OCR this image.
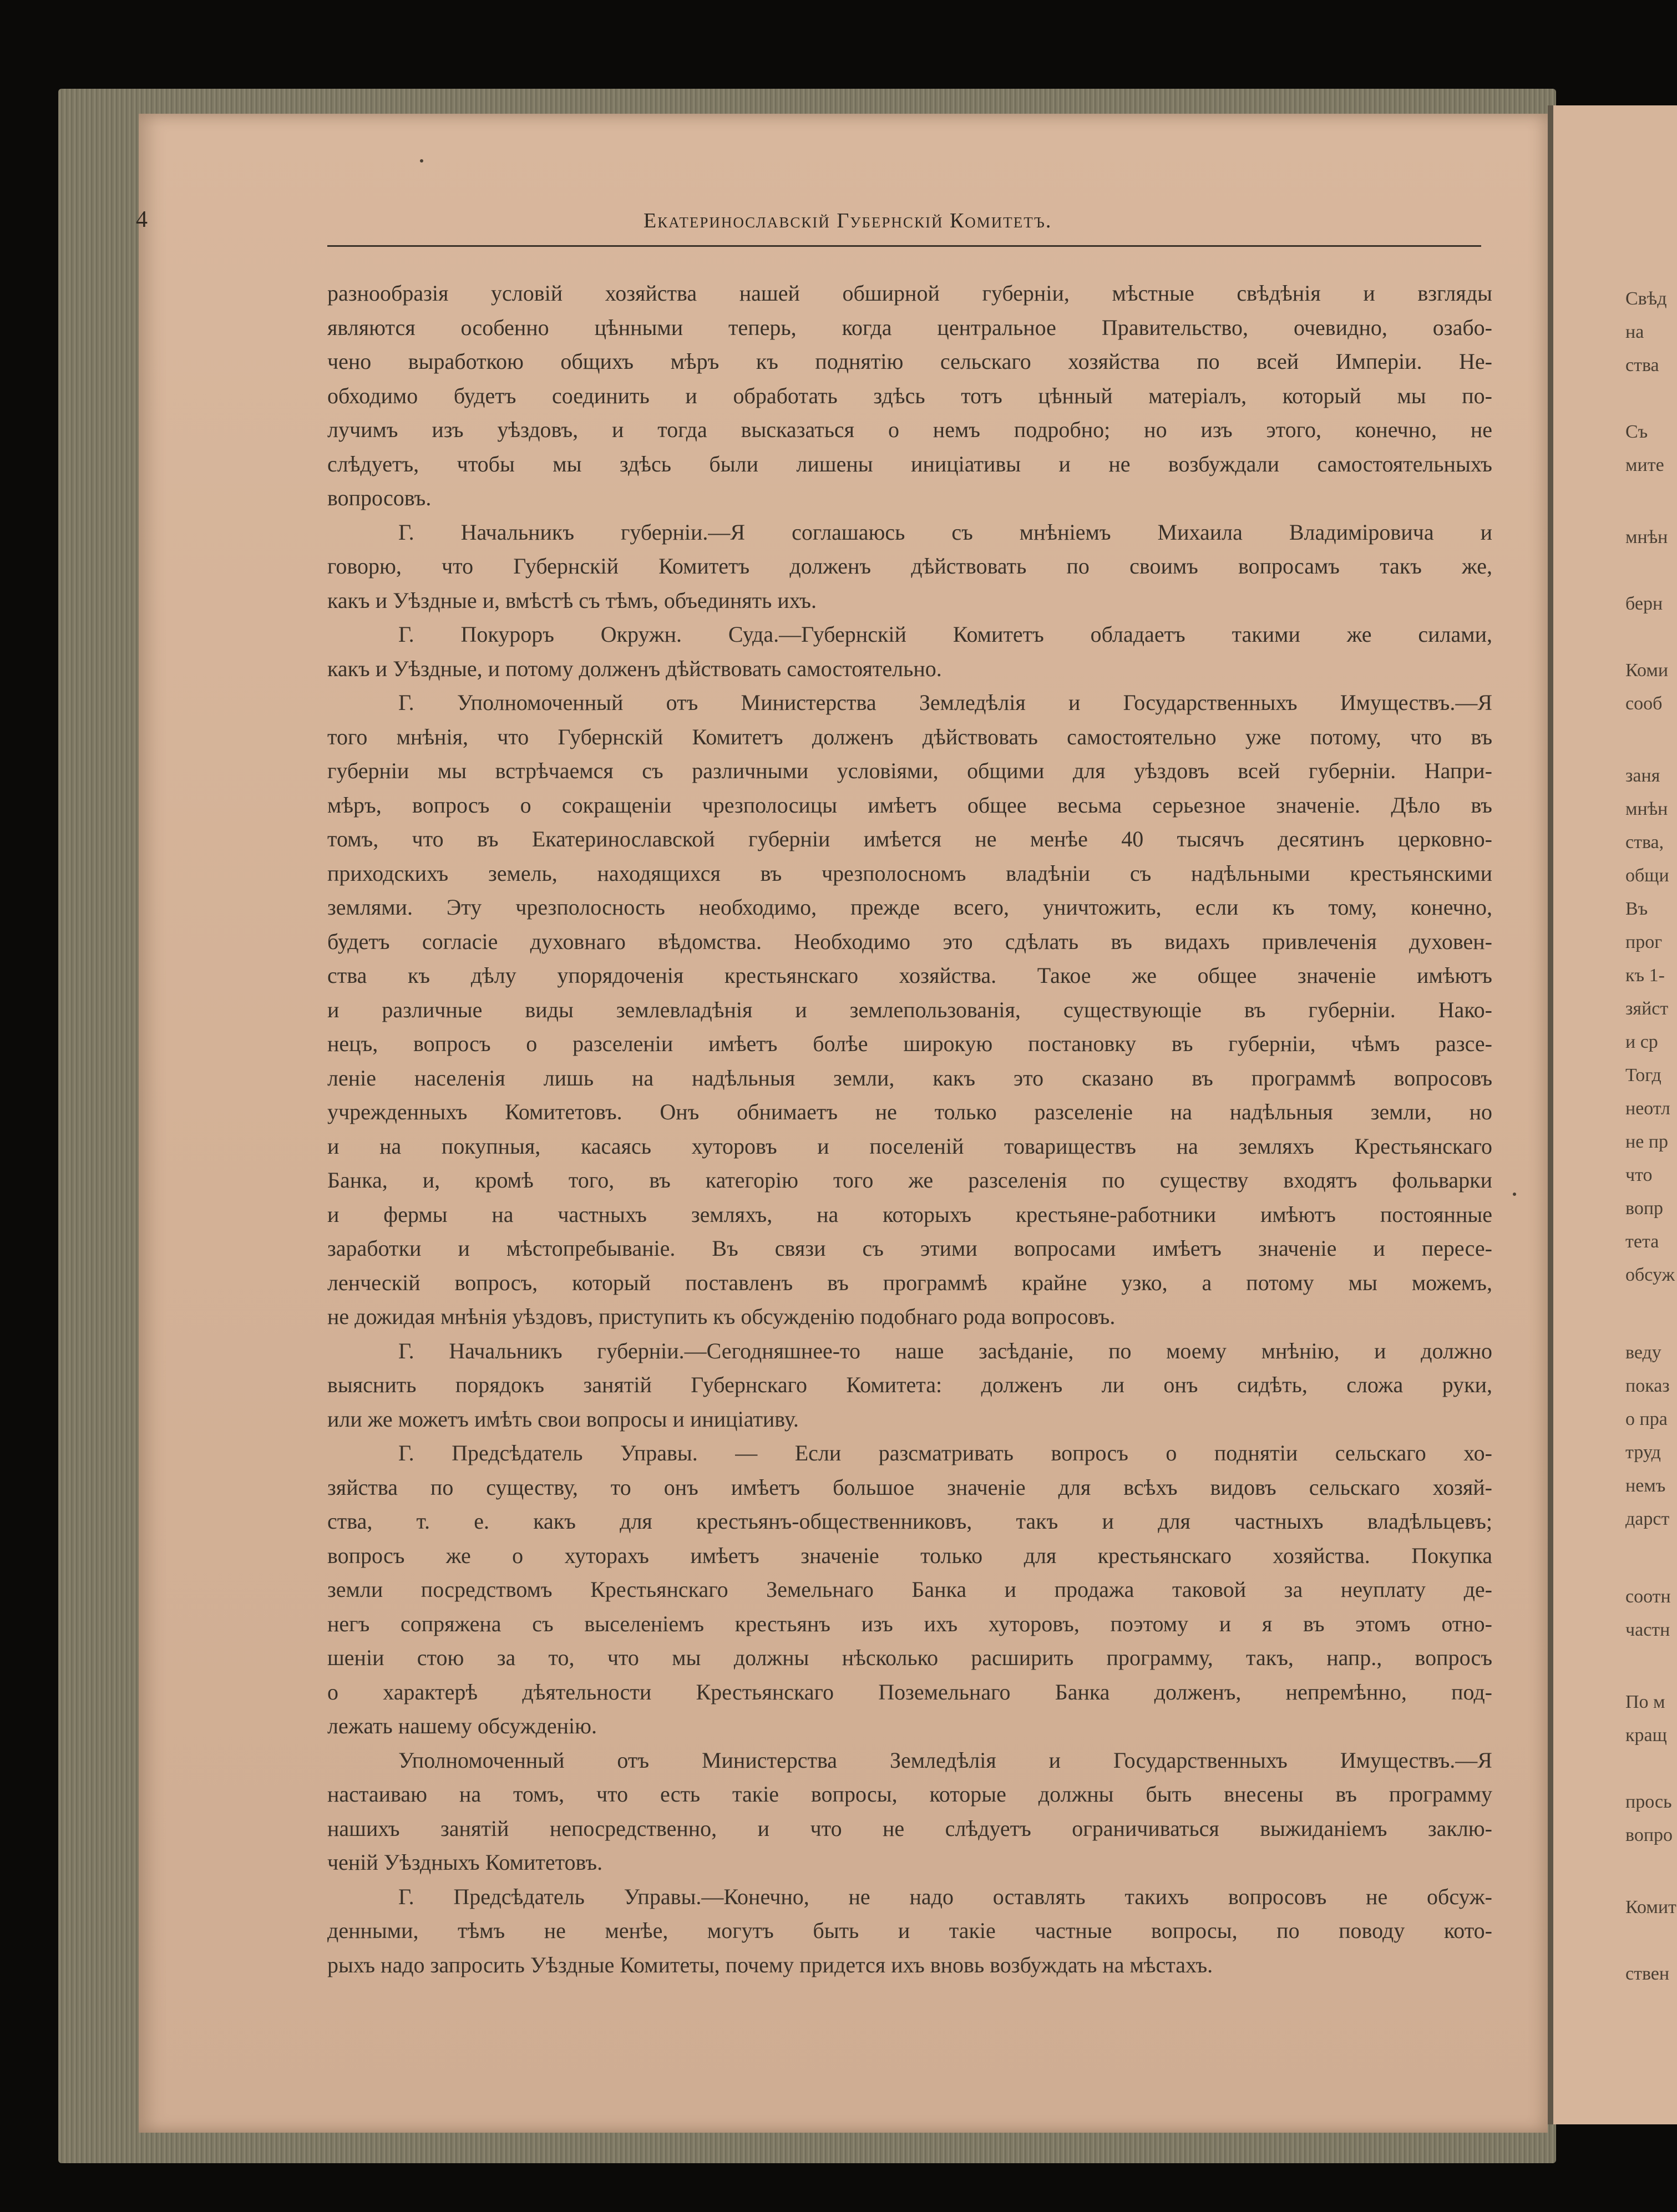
4	Екатеринославскій Губернскій Комитетъ.

разнообразія условій хозяйства нашей обширной губерніи, мѣстные свѣдѣнія и взгляды
являются особенно цѣнными теперь, когда центральное Правительство, очевидно, озабо-
чено выработкою общихъ мѣръ къ поднятію сельскаго хозяйства по всей Имперіи. Не-
обходимо будетъ соединить и обработать здѣсь тотъ цѣнный матеріалъ, который мы по-
лучимъ изъ уѣздовъ, и тогда высказаться о немъ подробно; но изъ этого, конечно, не
слѣдуетъ, чтобы мы здѣсь были лишены иниціативы и не возбуждали самостоятельныхъ
вопросовъ.

Г. Начальникъ губерніи.—Я соглашаюсь съ мнѣніемъ Михаила Владиміровича и
говорю, что Губернскій Комитетъ долженъ дѣйствовать по своимъ вопросамъ такъ же,
какъ и Уѣздные и, вмѣстѣ съ тѣмъ, объединять ихъ.

Г. Покуроръ Окружн. Суда.—Губернскій Комитетъ обладаетъ такими же силами,
какъ и Уѣздные, и потому долженъ дѣйствовать самостоятельно.

Г. Уполномоченный отъ Министерства Земледѣлія и Государственныхъ Имуществъ.—Я
того мнѣнія, что Губернскій Комитетъ долженъ дѣйствовать самостоятельно уже потому, что въ
губерніи мы встрѣчаемся съ различными условіями, общими для уѣздовъ всей губерніи. Напри-
мѣръ, вопросъ о сокращеніи чрезполосицы имѣетъ общее весьма серьезное значеніе. Дѣло въ
томъ, что въ Екатеринославской губерніи имѣется не менѣе 40 тысячъ десятинъ церковно-
приходскихъ земель, находящихся въ чрезполосномъ владѣніи съ надѣльными крестьянскими
землями. Эту чрезполосность необходимо, прежде всего, уничтожить, если къ тому, конечно,
будетъ согласіе духовнаго вѣдомства. Необходимо это сдѣлать въ видахъ привлеченія духовен-
ства къ дѣлу упорядоченія крестьянскаго хозяйства. Такое же общее значеніе имѣютъ
и различные виды землевладѣнія и землепользованія, существующіе въ губерніи. Нако-
нецъ, вопросъ о разселеніи имѣетъ болѣе широкую постановку въ губерніи, чѣмъ разсе-
леніе населенія лишь на надѣльныя земли, какъ это сказано въ программѣ вопросовъ
учрежденныхъ Комитетовъ. Онъ обнимаетъ не только разселеніе на надѣльныя земли, но
и на покупныя, касаясь хуторовъ и поселеній товариществъ на земляхъ Крестьянскаго
Банка, и, кромѣ того, въ категорію того же разселенія по существу входятъ фольварки
и фермы на частныхъ земляхъ, на которыхъ крестьяне-работники имѣютъ постоянные
заработки и мѣстопребываніе. Въ связи съ этими вопросами имѣетъ значеніе и пересе-
ленческій вопросъ, который поставленъ въ программѣ крайне узко, а потому мы можемъ,
не дожидая мнѣнія уѣздовъ, приступить къ обсужденію подобнаго рода вопросовъ.

Г. Начальникъ губерніи.—Сегодняшнее-то наше засѣданіе, по моему мнѣнію, и должно
выяснить порядокъ занятій Губернскаго Комитета: долженъ ли онъ сидѣть, сложа руки,
или же можетъ имѣть свои вопросы и иниціативу.

Г. Предсѣдатель Управы. — Если разсматривать вопросъ о поднятіи сельскаго хо-
зяйства по существу, то онъ имѣетъ большое значеніе для всѣхъ видовъ сельскаго хозяй-
ства, т. е. какъ для крестьянъ-общественниковъ, такъ и для частныхъ владѣльцевъ;
вопросъ же о хуторахъ имѣетъ значеніе только для крестьянскаго хозяйства. Покупка
земли посредствомъ Крестьянскаго Земельнаго Банка и продажа таковой за неуплату де-
негъ сопряжена съ выселеніемъ крестьянъ изъ ихъ хуторовъ, поэтому и я въ этомъ отно-
шеніи стою за то, что мы должны нѣсколько расширить программу, такъ, напр., вопросъ
о характерѣ дѣятельности Крестьянскаго Поземельнаго Банка долженъ, непремѣнно, под-
лежать нашему обсужденію.

Уполномоченный отъ Министерства Земледѣлія и Государственныхъ Имуществъ.—Я
настаиваю на томъ, что есть такіе вопросы, которые должны быть внесены въ программу
нашихъ занятій непосредственно, и что не слѣдуетъ ограничиваться выжиданіемъ заклю-
ченій Уѣздныхъ Комитетовъ.

Г. Предсѣдатель Управы.—Конечно, не надо оставлять такихъ вопросовъ не обсуж-
денными, тѣмъ не менѣе, могутъ быть и такіе частные вопросы, по поводу кото-
рыхъ надо запросить Уѣздные Комитеты, почему придется ихъ вновь возбуждать на мѣстахъ.

Свѣд
на
ства
Съ
мите
мнѣн
берн
Коми
сооб
заня
мнѣн
ства,
общи
Въ
прог
къ 1-
зяйст
и ср
Тогд
неотл
не пр
что
вопр
тета
обсуж
веду
показ
о пра
труд
немъ
дарст
соотн
частн
По м
кращ
прось
вопро
Комит
ствен
